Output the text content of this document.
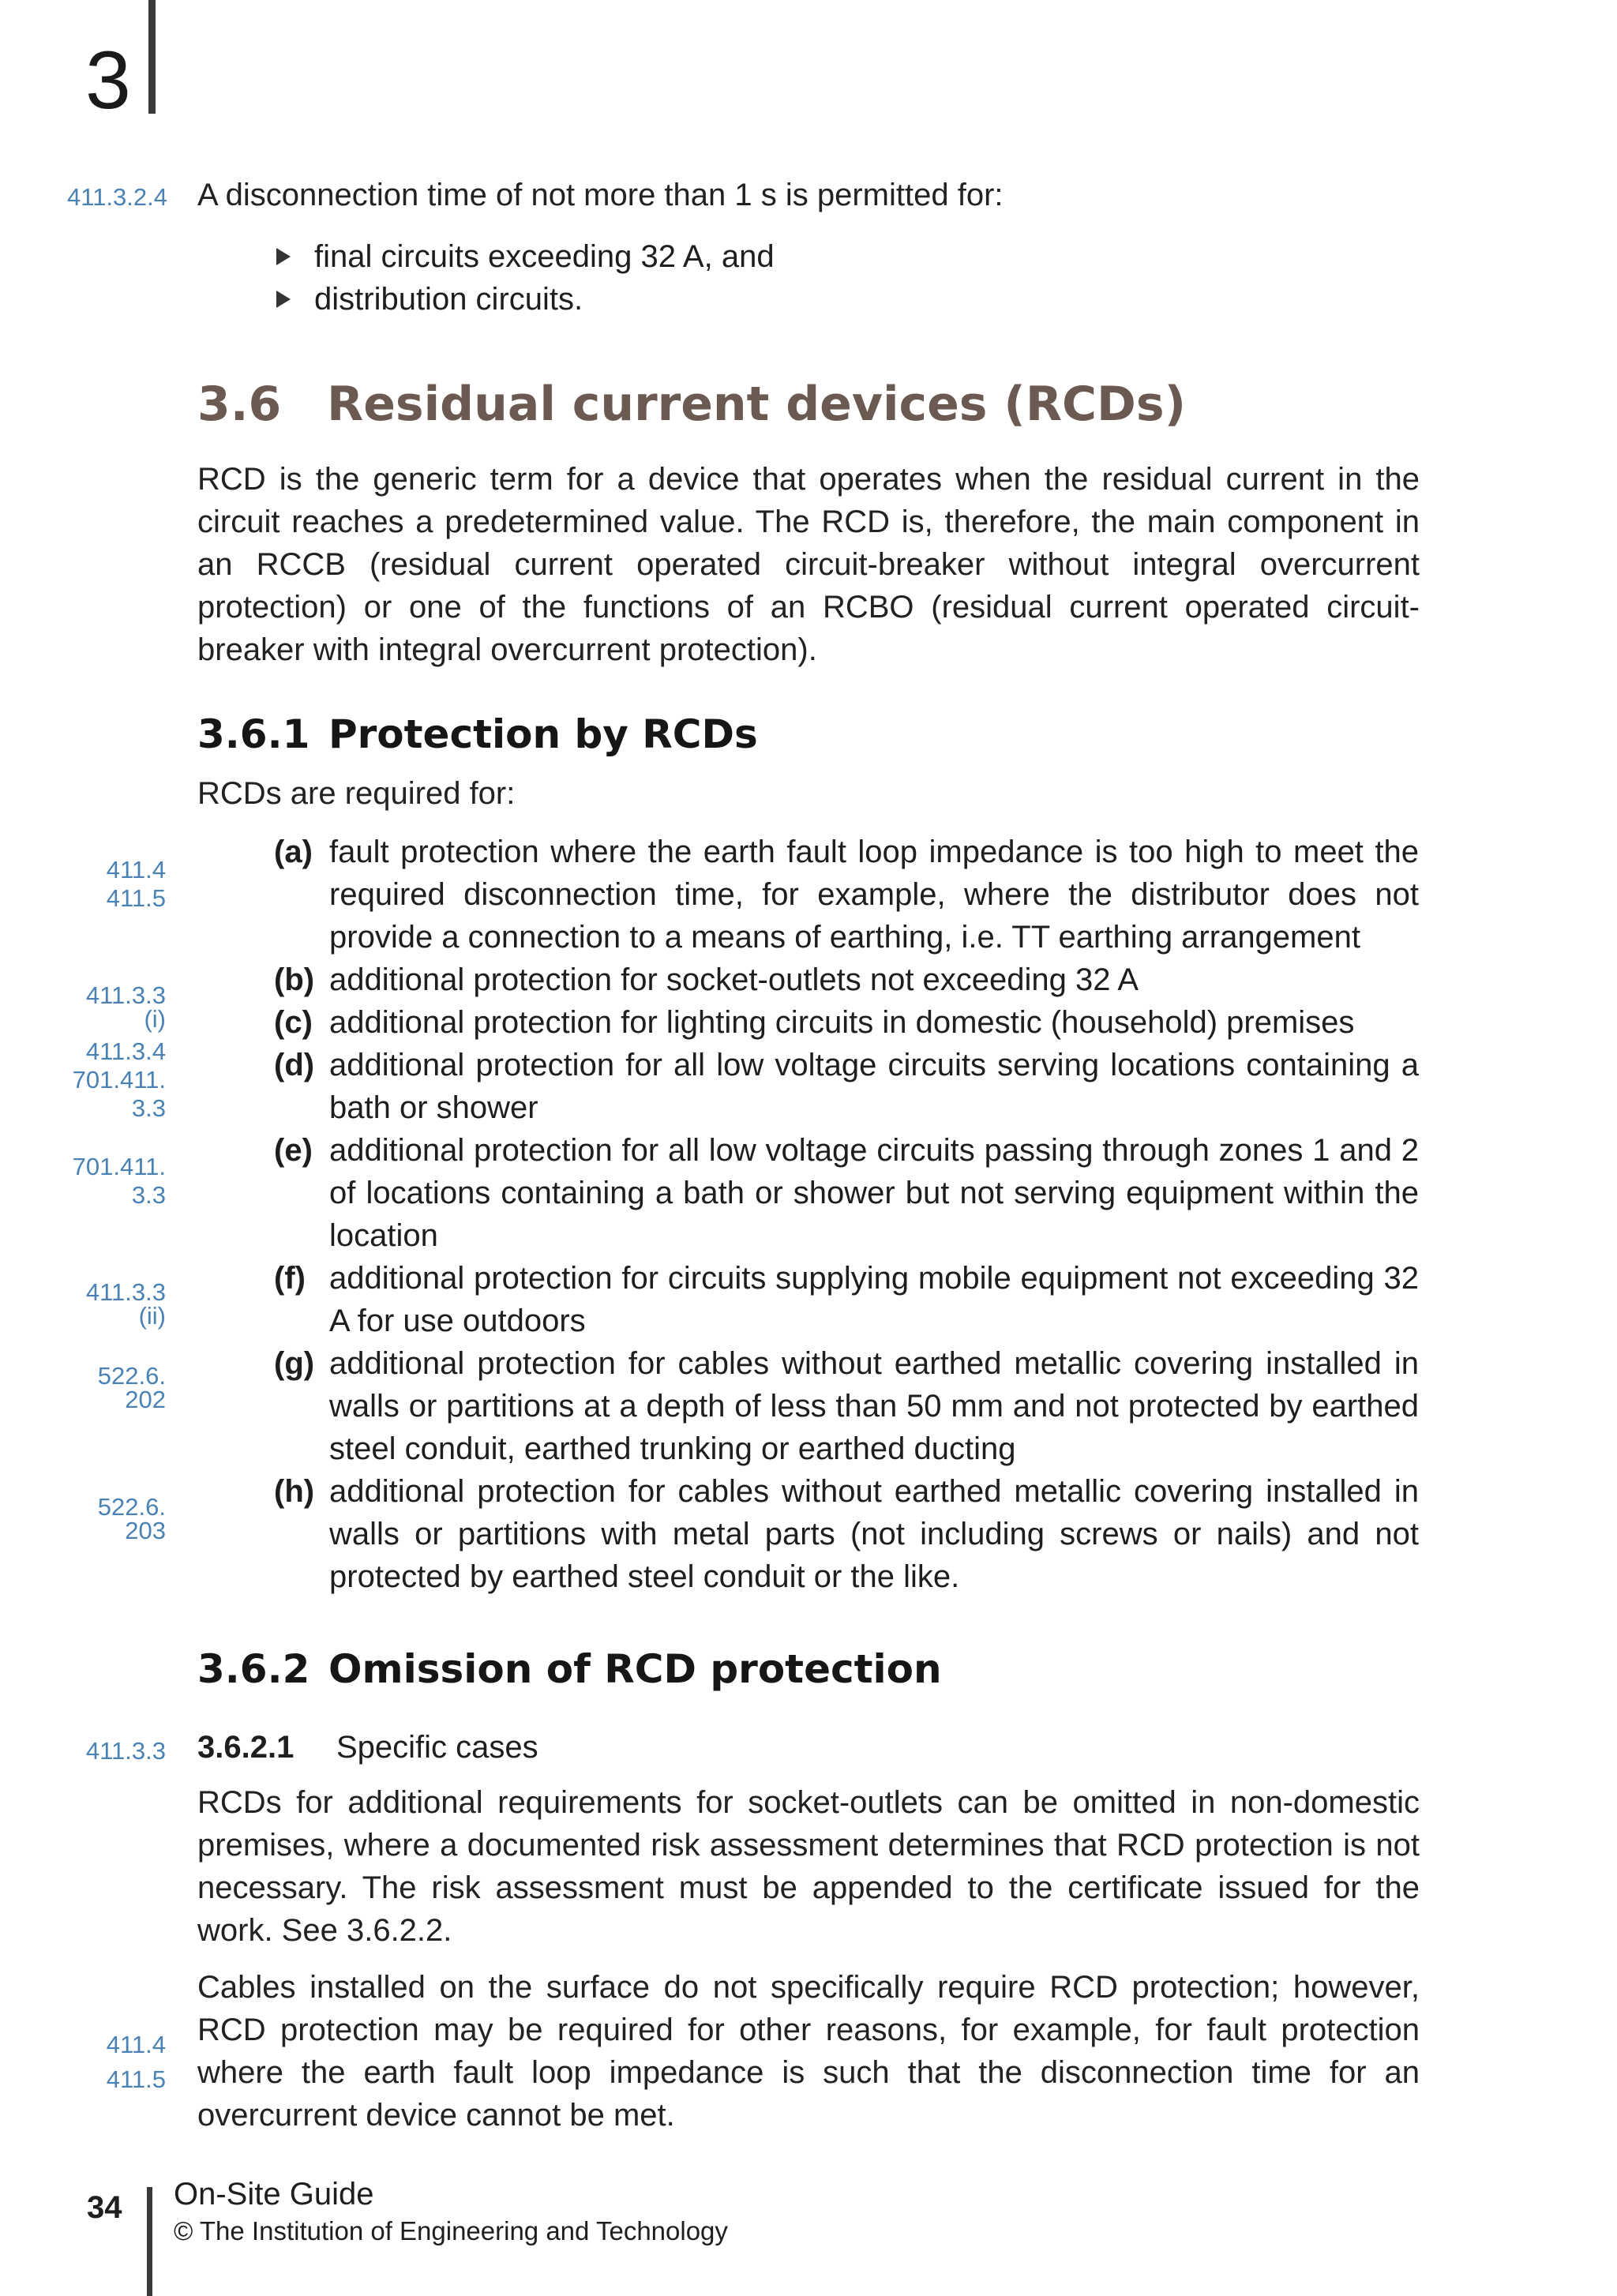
3
411.3.2.4 A disconnection time of not more than 1 s is permitted for:
final circuits exceeding 32 A, and
distribution circuits.
3.6 Residual current devices (RCDs)
RCD is the generic term for a device that operates when the residual current in the circuit reaches a predetermined value. The RCD is, therefore, the main component in an RCCB (residual current operated circuit-breaker without integral overcurrent protection) or one of the functions of an RCBO (residual current operated circuit-breaker with integral overcurrent protection).
3.6.1 Protection by RCDs
RCDs are required for:
411.4
411.5
411.3.3
(i)
411.3.4
701.411.
3.3
701.411.
3.3
411.3.3
(ii)
522.6.
202
522.6.
203
(a) fault protection where the earth fault loop impedance is too high to meet the required disconnection time, for example, where the distributor does not provide a connection to a means of earthing, i.e. TT earthing arrangement
(b) additional protection for socket-outlets not exceeding 32 A
(c) additional protection for lighting circuits in domestic (household) premises
(d) additional protection for all low voltage circuits serving locations containing a bath or shower
(e) additional protection for all low voltage circuits passing through zones 1 and 2 of locations containing a bath or shower but not serving equipment within the location
(f) additional protection for circuits supplying mobile equipment not exceeding 32 A for use outdoors
(g) additional protection for cables without earthed metallic covering installed in walls or partitions at a depth of less than 50 mm and not protected by earthed steel conduit, earthed trunking or earthed ducting
(h) additional protection for cables without earthed metallic covering installed in walls or partitions with metal parts (not including screws or nails) and not protected by earthed steel conduit or the like.
3.6.2 Omission of RCD protection
411.3.3 3.6.2.1 Specific cases
RCDs for additional requirements for socket-outlets can be omitted in non-domestic premises, where a documented risk assessment determines that RCD protection is not necessary. The risk assessment must be appended to the certificate issued for the work. See 3.6.2.2.
411.4
411.5
Cables installed on the surface do not specifically require RCD protection; however, RCD protection may be required for other reasons, for example, for fault protection where the earth fault loop impedance is such that the disconnection time for an overcurrent device cannot be met.
34 On-Site Guide
© The Institution of Engineering and Technology
